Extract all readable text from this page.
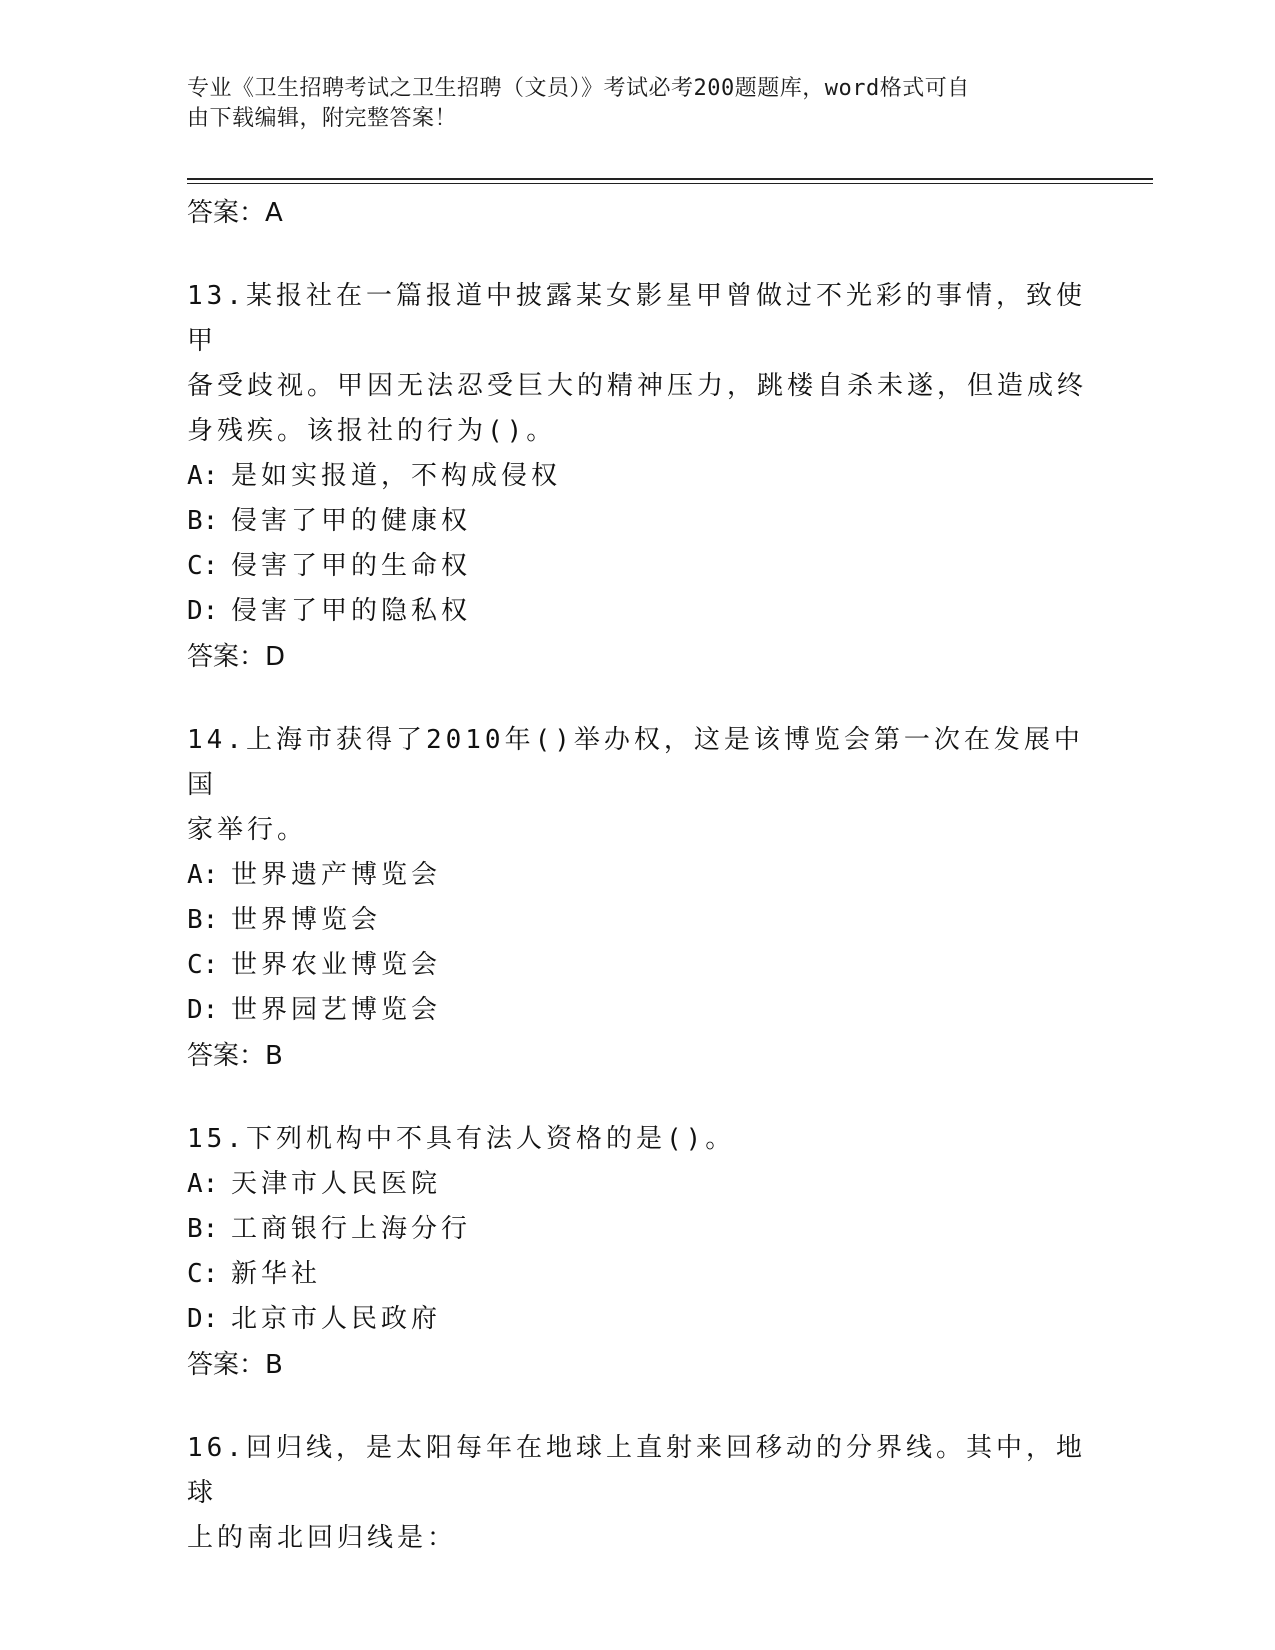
专业《卫生招聘考试之卫生招聘（文员）》考试必考200题题库，word格式可自
由下载编辑，附完整答案！
答案：A
13.某报社在一篇报道中披露某女影星甲曾做过不光彩的事情，致使甲
备受歧视。甲因无法忍受巨大的精神压力，跳楼自杀未遂，但造成终
身残疾。该报社的行为()。
A: 是如实报道，不构成侵权
B: 侵害了甲的健康权
C: 侵害了甲的生命权
D: 侵害了甲的隐私权
答案：D
14.上海市获得了2010年()举办权，这是该博览会第一次在发展中国
家举行。
A: 世界遗产博览会
B: 世界博览会
C: 世界农业博览会
D: 世界园艺博览会
答案：B
15.下列机构中不具有法人资格的是()。
A: 天津市人民医院
B: 工商银行上海分行
C: 新华社
D: 北京市人民政府
答案：B
16.回归线，是太阳每年在地球上直射来回移动的分界线。其中，地球
上的南北回归线是：
